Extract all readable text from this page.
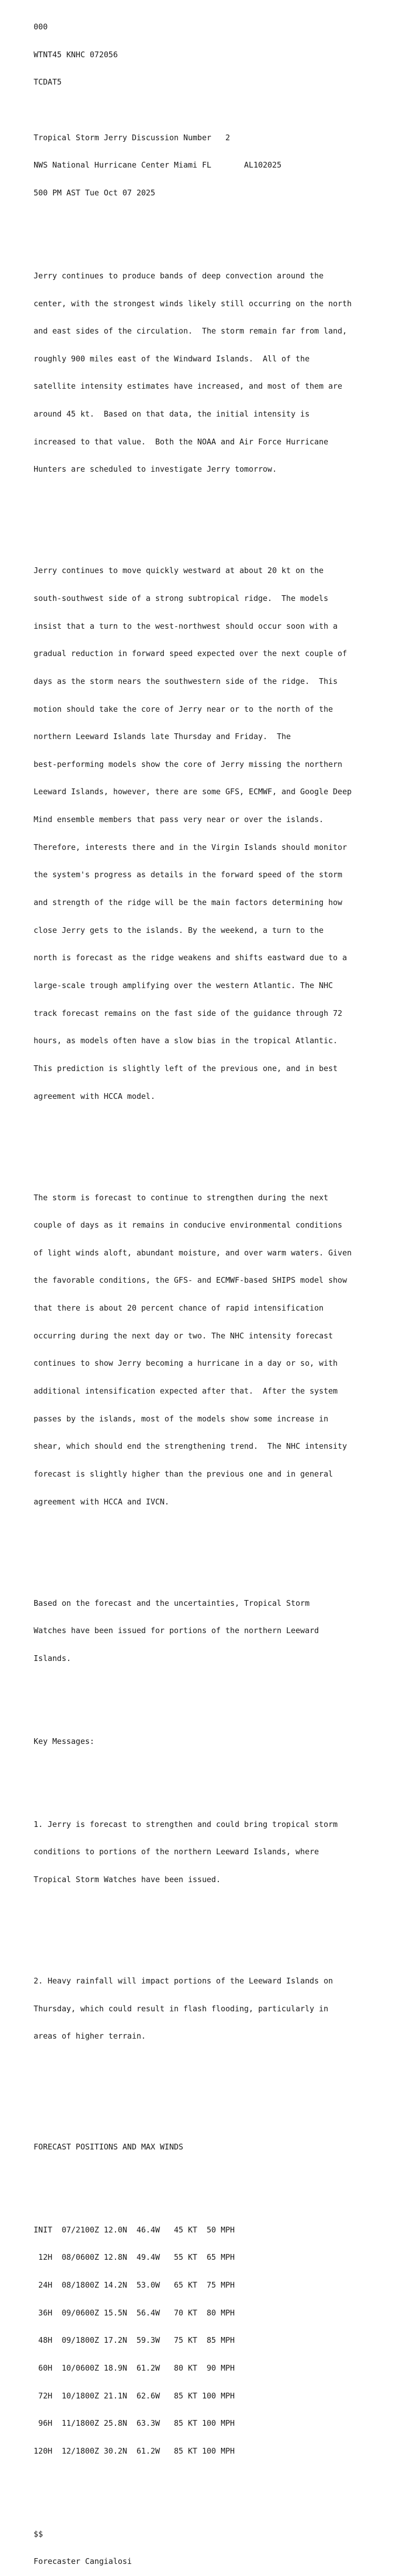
000

WTNT45 KNHC 072056

TCDAT5

Tropical Storm Jerry Discussion Number   2

NWS National Hurricane Center Miami FL       AL102025

500 PM AST Tue Oct 07 2025

Jerry continues to produce bands of deep convection around the

center, with the strongest winds likely still occurring on the north

and east sides of the circulation.  The storm remain far from land,

roughly 900 miles east of the Windward Islands.  All of the

satellite intensity estimates have increased, and most of them are

around 45 kt.  Based on that data, the initial intensity is

increased to that value.  Both the NOAA and Air Force Hurricane

Hunters are scheduled to investigate Jerry tomorrow.

Jerry continues to move quickly westward at about 20 kt on the

south-southwest side of a strong subtropical ridge.  The models

insist that a turn to the west-northwest should occur soon with a

gradual reduction in forward speed expected over the next couple of

days as the storm nears the southwestern side of the ridge.  This

motion should take the core of Jerry near or to the north of the

northern Leeward Islands late Thursday and Friday.  The

best-performing models show the core of Jerry missing the northern

Leeward Islands, however, there are some GFS, ECMWF, and Google Deep

Mind ensemble members that pass very near or over the islands.

Therefore, interests there and in the Virgin Islands should monitor

the system's progress as details in the forward speed of the storm

and strength of the ridge will be the main factors determining how

close Jerry gets to the islands. By the weekend, a turn to the

north is forecast as the ridge weakens and shifts eastward due to a

large-scale trough amplifying over the western Atlantic. The NHC

track forecast remains on the fast side of the guidance through 72

hours, as models often have a slow bias in the tropical Atlantic.

This prediction is slightly left of the previous one, and in best

agreement with HCCA model.

The storm is forecast to continue to strengthen during the next

couple of days as it remains in conducive environmental conditions

of light winds aloft, abundant moisture, and over warm waters. Given

the favorable conditions, the GFS- and ECMWF-based SHIPS model show

that there is about 20 percent chance of rapid intensification

occurring during the next day or two. The NHC intensity forecast

continues to show Jerry becoming a hurricane in a day or so, with

additional intensification expected after that.  After the system

passes by the islands, most of the models show some increase in

shear, which should end the strengthening trend.  The NHC intensity

forecast is slightly higher than the previous one and in general

agreement with HCCA and IVCN.

Based on the forecast and the uncertainties, Tropical Storm

Watches have been issued for portions of the northern Leeward

Islands.

Key Messages:

1. Jerry is forecast to strengthen and could bring tropical storm

conditions to portions of the northern Leeward Islands, where

Tropical Storm Watches have been issued.

2. Heavy rainfall will impact portions of the Leeward Islands on

Thursday, which could result in flash flooding, particularly in

areas of higher terrain.

FORECAST POSITIONS AND MAX WINDS

INIT  07/2100Z 12.0N  46.4W   45 KT  50 MPH

12H  08/0600Z 12.8N  49.4W   55 KT  65 MPH

24H  08/1800Z 14.2N  53.0W   65 KT  75 MPH

36H  09/0600Z 15.5N  56.4W   70 KT  80 MPH

48H  09/1800Z 17.2N  59.3W   75 KT  85 MPH

60H  10/0600Z 18.9N  61.2W   80 KT  90 MPH

72H  10/1800Z 21.1N  62.6W   85 KT 100 MPH

96H  11/1800Z 25.8N  63.3W   85 KT 100 MPH

120H  12/1800Z 30.2N  61.2W   85 KT 100 MPH

$$

Forecaster Cangialosi
